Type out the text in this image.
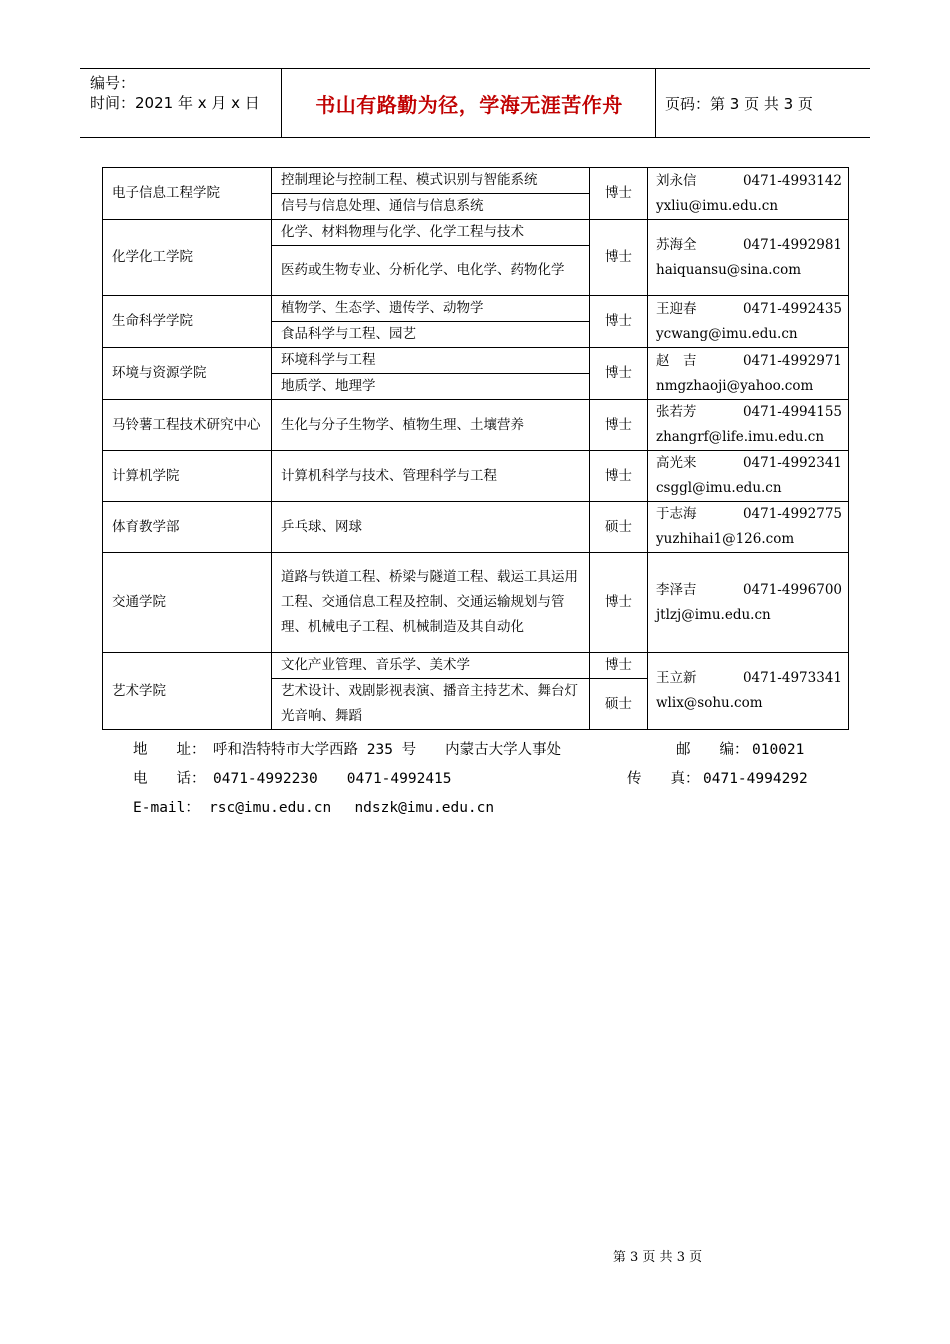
编号：
时间：2021 年 x 月 x 日	书山有路勤为径，学海无涯苦作舟	页码：第 3 页 共 3 页
电子信息工程学院	控制理论与控制工程、模式识别与智能系统	博士	刘永信 0471-4993142
yxliu@imu.edu.cn

	信号与信息处理、通信与信息系统		
化学化工学院	化学、材料物理与化学、化学工程与技术	博士	苏海全 0471-4992981
haiquansu@sina.com

	医药或生物专业、分析化学、电化学、药物化学		
生命科学学院	植物学、生态学、遗传学、动物学	博士	王迎春 0471-4992435
ycwang@imu.edu.cn

	食品科学与工程、园艺		
环境与资源学院	环境科学与工程	博士	赵　吉 0471-4992971
nmgzhaoji@yahoo.com

	地质学、地理学		
马铃薯工程技术研究中心	生化与分子生物学、植物生理、土壤营养	博士	张若芳 0471-4994155
zhangrf@life.imu.edu.cn

计算机学院	计算机科学与技术、管理科学与工程	博士	高光来 0471-4992341
csggl@imu.edu.cn

体育教学部	乒乓球、网球	硕士	于志海 0471-4992775
yuzhihai1@126.com

交通学院	道路与铁道工程、桥梁与隧道工程、载运工具运用工程、交通信息工程及控制、交通运输规划与管理、机械电子工程、机械制造及其自动化	博士	李泽吉 0471-4996700
jtlzj@imu.edu.cn

艺术学院	文化产业管理、音乐学、美术学	博士	王立新 0471-4973341
wlix@sohu.com

	艺术设计、戏剧影视表演、播音主持艺术、舞台灯光音响、舞蹈	硕士	
地　　址： 呼和浩特特市大学西路 235 号　　内蒙古大学人事处	邮　　编： 010021
电　　话： 0471-4992230　　0471-4992415	传　　真： 0471-4994292
E-mail： rsc@imu.edu.cn　 ndszk@imu.edu.cn
第 3 页 共 3 页
